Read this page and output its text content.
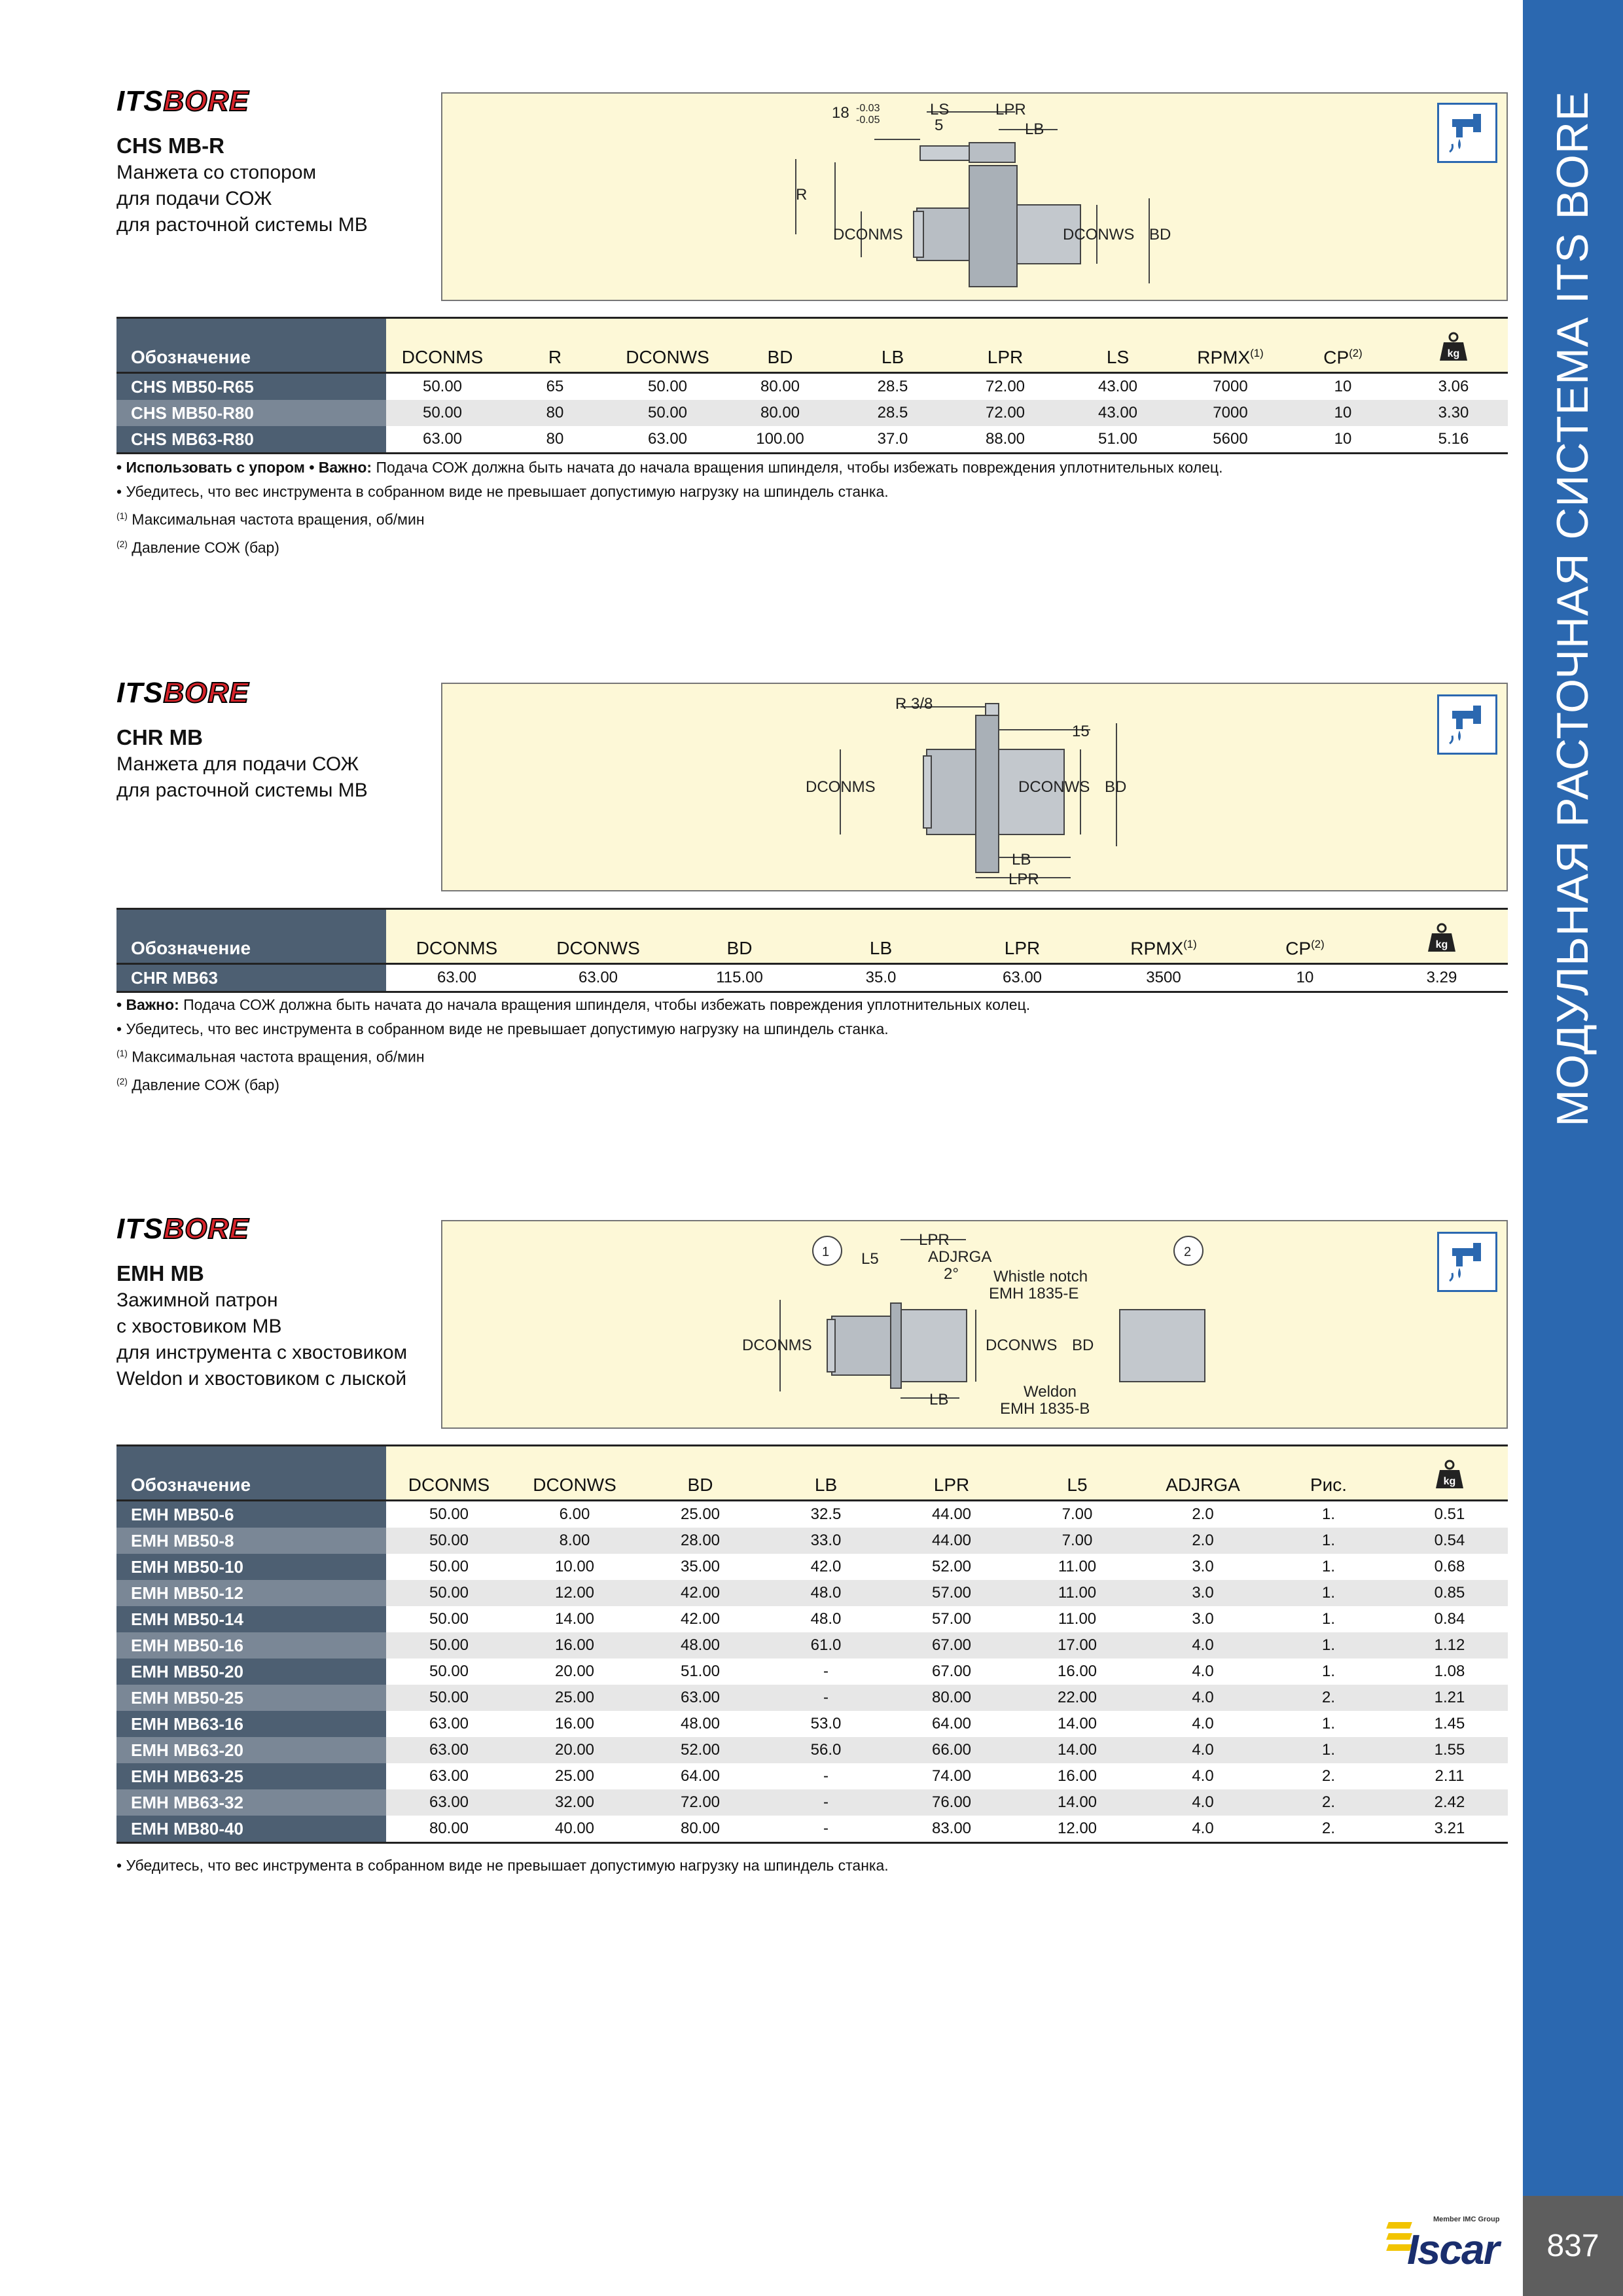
МОДУЛЬНАЯ РАСТОЧНАЯ СИСТЕМА ITS BORE
837
Member IMC Group
Iscar
ITSBORE
CHS MB-R
Манжета со стопором
для подачи СОЖ
для расточной системы MB
18 -0.03
-0.05
LS
5
LPR
LB
R
DCONMS	DCONWS BD
Обозначение	DCONMS	R	DCONWS	BD	LB	LPR	LS	RPMX$^{(1)}$	CP$^{(2)}$	kg

CHS MB50-R65	50.00	65	50.00	80.00	28.5	72.00	43.00	7000	10	3.06
CHS MB50-R80	50.00	80	50.00	80.00	28.5	72.00	43.00	7000	10	3.30
CHS MB63-R80	63.00	80	63.00	100.00	37.0	88.00	51.00	5600	10	5.16
• Использовать с упором • Важно: Подача СОЖ должна быть начата до начала вращения шпинделя, чтобы избежать повреждения уплотнительных колец.
• Убедитесь, что вес инструмента в собранном виде не превышает допустимую нагрузку на шпиндель станка.
$^{(1)}$ Максимальная частота вращения, об/мин
$^{(2)}$ Давление СОЖ (бар)
ITSBORE
CHR MB
Манжета для подачи СОЖ
для расточной системы MB
R 3/8
15
DCONMS	DCONWS BD
LB
LPR
Обозначение	DCONMS	DCONWS	BD	LB	LPR	RPMX$^{(1)}$	CP$^{(2)}$	kg

CHR MB63	63.00	63.00	115.00	35.0	63.00	3500	10	3.29
• Важно: Подача СОЖ должна быть начата до начала вращения шпинделя, чтобы избежать повреждения уплотнительных колец.
• Убедитесь, что вес инструмента в собранном виде не превышает допустимую нагрузку на шпиндель станка.
$^{(1)}$ Максимальная частота вращения, об/мин
$^{(2)}$ Давление СОЖ (бар)
ITSBORE
EMH MB
Зажимной патрон
с хвостовиком MB
для инструмента с хвостовиком
Weldon и хвостовиком с лыской
1	2
LPR
L5	ADJRGA
2° Whistle notch
EMH 1835-E
DCONMS	DCONWS BD
LB	Weldon
EMH 1835-B
Обозначение	DCONMS	DCONWS	BD	LB	LPR	L5	ADJRGA	Рис.	kg

EMH MB50-6	50.00	6.00	25.00	32.5	44.00	7.00	2.0	1.	0.51
EMH MB50-8	50.00	8.00	28.00	33.0	44.00	7.00	2.0	1.	0.54
EMH MB50-10	50.00	10.00	35.00	42.0	52.00	11.00	3.0	1.	0.68
EMH MB50-12	50.00	12.00	42.00	48.0	57.00	11.00	3.0	1.	0.85
EMH MB50-14	50.00	14.00	42.00	48.0	57.00	11.00	3.0	1.	0.84
EMH MB50-16	50.00	16.00	48.00	61.0	67.00	17.00	4.0	1.	1.12
EMH MB50-20	50.00	20.00	51.00	-	67.00	16.00	4.0	1.	1.08
EMH MB50-25	50.00	25.00	63.00	-	80.00	22.00	4.0	2.	1.21
EMH MB63-16	63.00	16.00	48.00	53.0	64.00	14.00	4.0	1.	1.45
EMH MB63-20	63.00	20.00	52.00	56.0	66.00	14.00	4.0	1.	1.55
EMH MB63-25	63.00	25.00	64.00	-	74.00	16.00	4.0	2.	2.11
EMH MB63-32	63.00	32.00	72.00	-	76.00	14.00	4.0	2.	2.42
EMH MB80-40	80.00	40.00	80.00	-	83.00	12.00	4.0	2.	3.21
• Убедитесь, что вес инструмента в собранном виде не превышает допустимую нагрузку на шпиндель станка.
